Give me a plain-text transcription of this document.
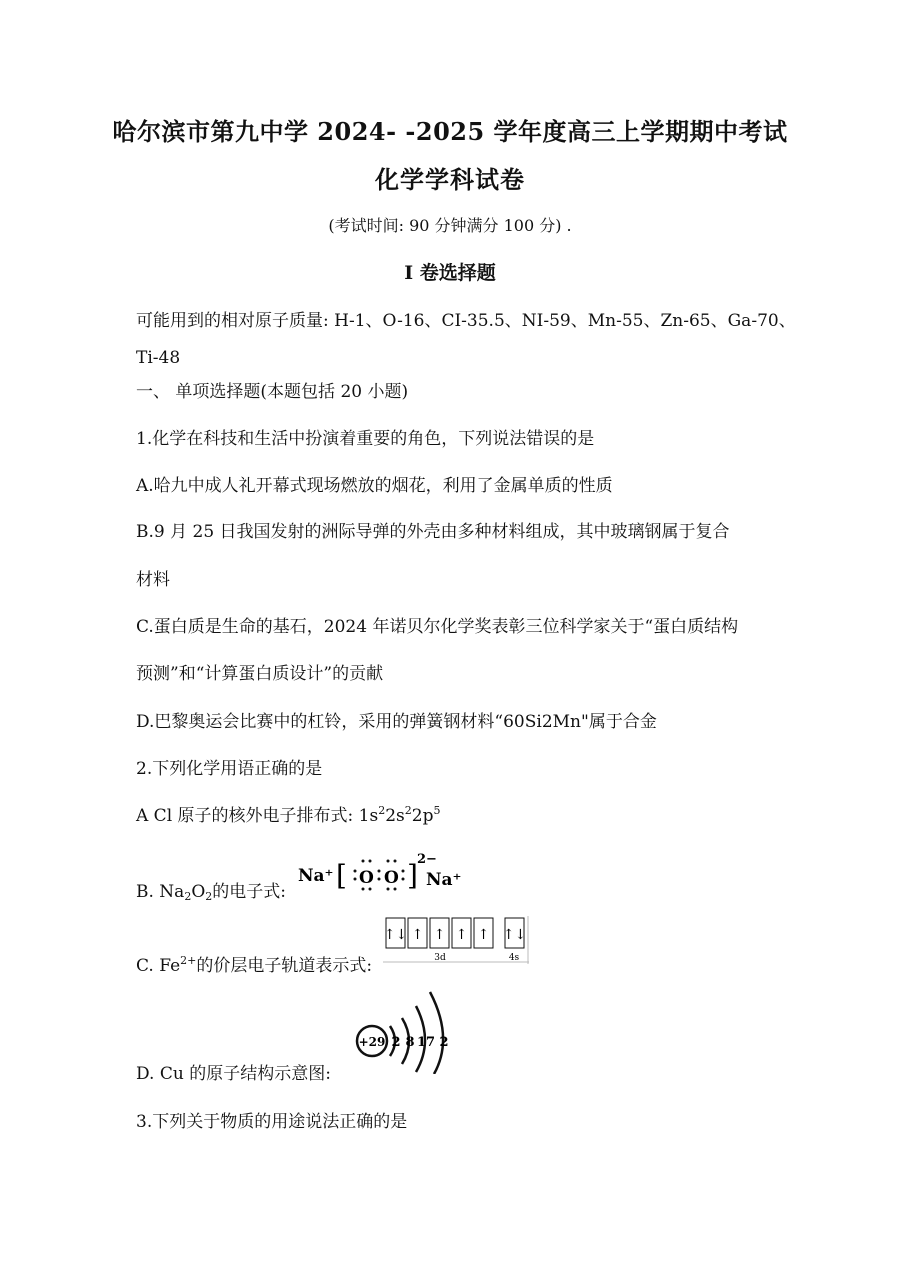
哈尔滨市第九中学 2024- -2025 学年度高三上学期期中考试
化学学科试卷
(考试时间: 90 分钟满分 100 分) .
I 卷选择题
可能用到的相对原子质量: H-1、O-16、CI-35.5、NI-59、Mn-55、Zn-65、Ga-70、
Ti-48
一、 单项选择题(本题包括 20 小题)
1.化学在科技和生活中扮演着重要的角色，下列说法错误的是
A.哈九中成人礼开幕式现场燃放的烟花，利用了金属单质的性质
B.9 月 25 日我国发射的洲际导弹的外壳由多种材料组成，其中玻璃钢属于复合
材料
C.蛋白质是生命的基石，2024 年诺贝尔化学奖表彰三位科学家关于“蛋白质结构
预测”和“计算蛋白质设计”的贡献
D.巴黎奥运会比赛中的杠铃，采用的弹簧钢材料“60Si2Mn"属于合金
2.下列化学用语正确的是
A Cl 原子的核外电子排布式: $1s^22s^22p^5$
B. $Na_2O_2$的电子式:
Na⁺ [ O O ] 2−
Na⁺
C. $Fe^{2+}$的价层电子轨道表示式:
↑↓ ↑ ↑ ↑ ↑ ↑↓
3d	4s
+29 2 8 17 2
D. Cu 的原子结构示意图:
3.下列关于物质的用途说法正确的是
